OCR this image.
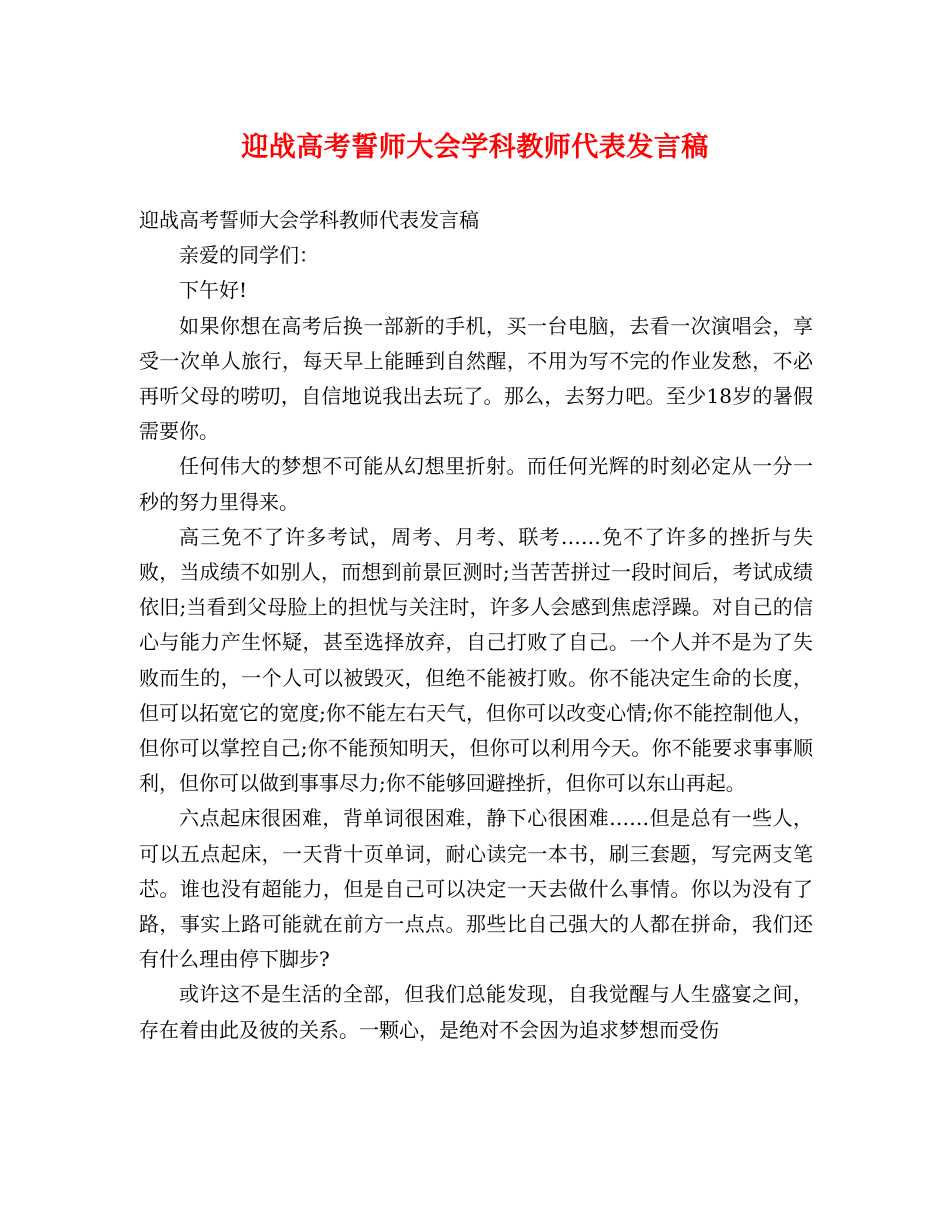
迎战高考誓师大会学科教师代表发言稿

迎战高考誓师大会学科教师代表发言稿

亲爱的同学们：

下午好!

如果你想在高考后换一部新的手机，买一台电脑，去看一次演唱会，享受一次单人旅行，每天早上能睡到自然醒，不用为写不完的作业发愁，不必再听父母的唠叨，自信地说我出去玩了。那么，去努力吧。至少18岁的暑假需要你。

任何伟大的梦想不可能从幻想里折射。而任何光辉的时刻必定从一分一秒的努力里得来。

高三免不了许多考试，周考、月考、联考……免不了许多的挫折与失败，当成绩不如别人，而想到前景叵测时;当苦苦拼过一段时间后，考试成绩依旧;当看到父母脸上的担忧与关注时，许多人会感到焦虑浮躁。对自己的信心与能力产生怀疑，甚至选择放弃，自己打败了自己。一个人并不是为了失败而生的，一个人可以被毁灭，但绝不能被打败。你不能决定生命的长度，但可以拓宽它的宽度;你不能左右天气，但你可以改变心情;你不能控制他人，但你可以掌控自己;你不能预知明天，但你可以利用今天。你不能要求事事顺利，但你可以做到事事尽力;你不能够回避挫折，但你可以东山再起。

六点起床很困难，背单词很困难，静下心很困难……但是总有一些人，可以五点起床，一天背十页单词，耐心读完一本书，刷三套题，写完两支笔芯。谁也没有超能力，但是自己可以决定一天去做什么事情。你以为没有了路，事实上路可能就在前方一点点。那些比自己强大的人都在拼命，我们还有什么理由停下脚步?

或许这不是生活的全部，但我们总能发现，自我觉醒与人生盛宴之间，存在着由此及彼的关系。一颗心，是绝对不会因为追求梦想而受伤
